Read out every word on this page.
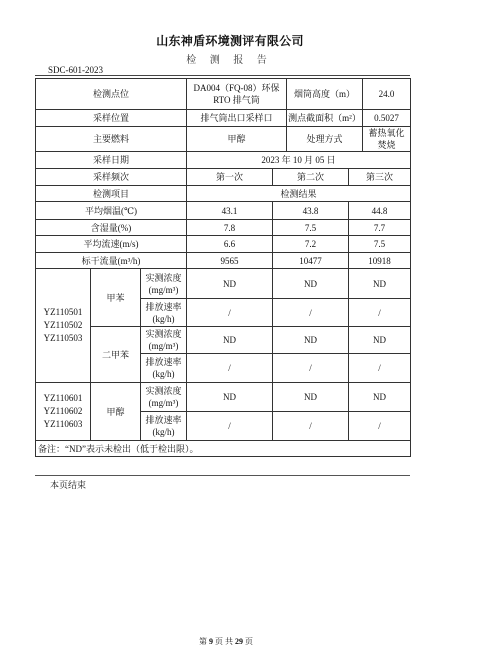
山东神盾环境测评有限公司
检 测 报 告
SDC-601-2023
检测点位			DA004（FQ-08）环保 RTO 排气筒		烟筒高度（m）		24.0
采样位置			排气筒出口采样口		测点截面积（m²）		0.5027
主要燃料			甲醇		处理方式		蓄热氧化焚烧
采样日期			2023 年 10 月 05 日				
采样频次			第一次	第二次		第三次	
检测项目			检测结果				
平均烟温(℃)			43.1	43.8		44.8	
含湿量(%)			7.8	7.5		7.7	
平均流速(m/s)			6.6	7.2		7.5	
标干流量(m³/h)			9565	10477		10918	

YZ110501
YZ110502
YZ110503	甲苯	实测浓度(mg/m³)	ND	ND		ND	
		排放速率(kg/h)	/	/		/	
	二甲苯	实测浓度(mg/m³)	ND	ND		ND	
		排放速率(kg/h)	/	/		/	

YZ110601
YZ110602
YZ110603	甲醇	实测浓度(mg/m³)	ND	ND		ND	
		排放速率(kg/h)	/	/		/	
备注：“ND”表示未检出（低于检出限）。							
本页结束
第 9 页 共 29 页
